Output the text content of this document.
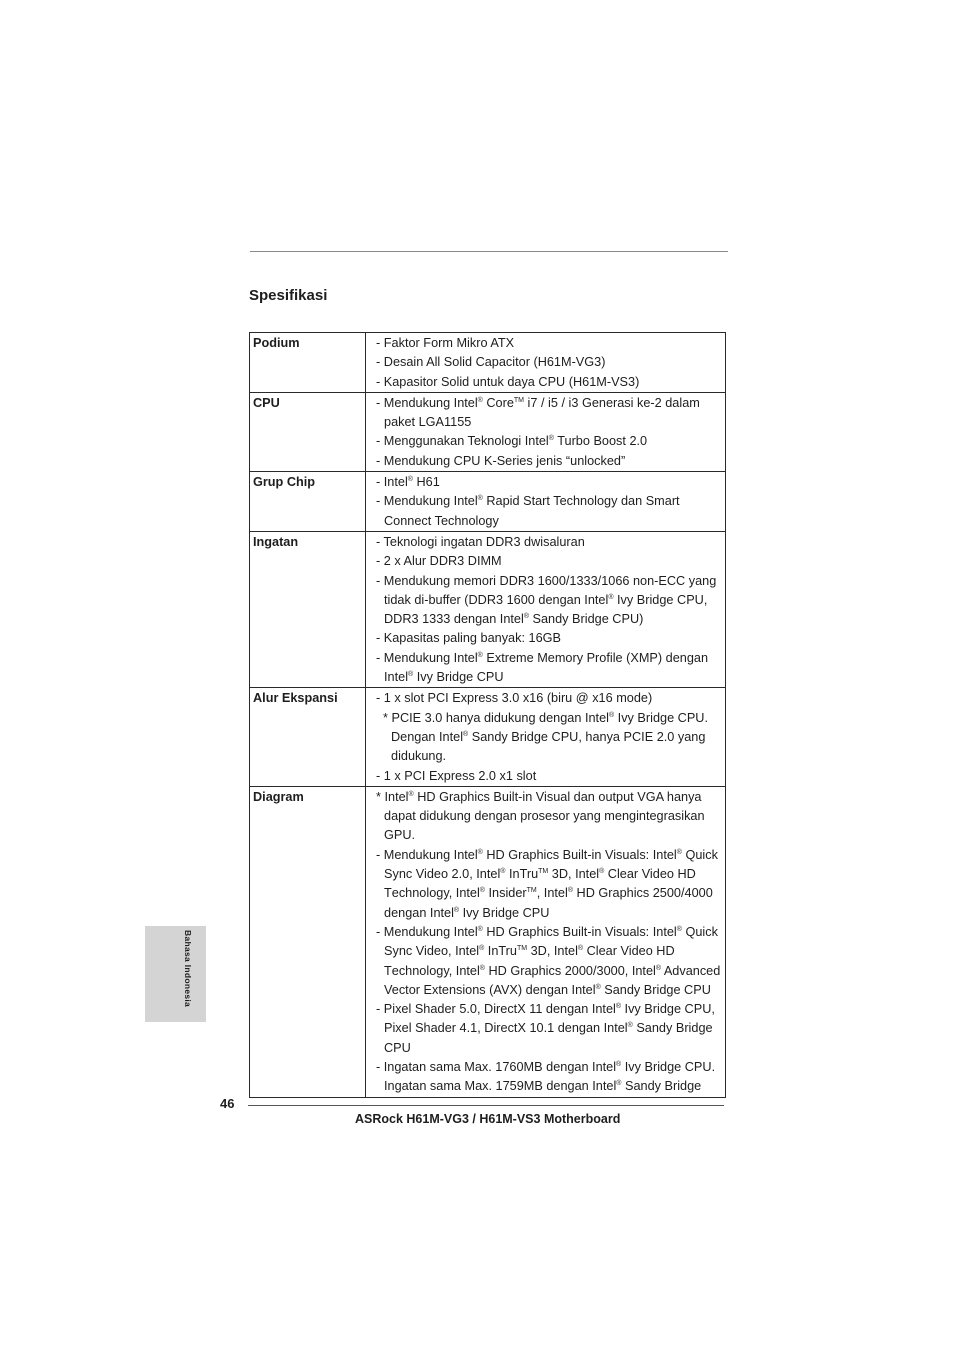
Spesifikasi
Podium	- Faktor Form Mikro ATX
- Desain All Solid Capacitor (H61M-VG3)
- Kapasitor Solid untuk daya CPU (H61M-VS3)

CPU	- Mendukung Intel® Core™ i7 / i5 / i3 Generasi ke-2 dalam paket LGA1155
- Menggunakan Teknologi Intel® Turbo Boost 2.0
- Mendukung CPU K-Series jenis “unlocked”

Grup Chip	- Intel® H61
- Mendukung Intel® Rapid Start Technology dan Smart Connect Technology

Ingatan	- Teknologi ingatan DDR3 dwisaluran
- 2 x Alur DDR3 DIMM
- Mendukung memori DDR3 1600/1333/1066 non-ECC yang tidak di-buffer (DDR3 1600 dengan Intel® Ivy Bridge CPU, DDR3 1333 dengan Intel® Sandy Bridge CPU)
- Kapasitas paling banyak: 16GB
- Mendukung Intel® Extreme Memory Profile (XMP) dengan Intel® Ivy Bridge CPU

Alur Ekspansi	- 1 x slot PCI Express 3.0 x16 (biru @ x16 mode)
* PCIE 3.0 hanya didukung dengan Intel® Ivy Bridge CPU. Dengan Intel® Sandy Bridge CPU, hanya PCIE 2.0 yang didukung.
- 1 x PCI Express 2.0 x1 slot

Diagram	* Intel® HD Graphics Built-in Visual dan output VGA hanya dapat didukung dengan prosesor yang mengintegrasikan GPU.
- Mendukung Intel® HD Graphics Built-in Visuals: Intel® Quick Sync Video 2.0, Intel® InTru™ 3D, Intel® Clear Video HD Technology, Intel® Insider™, Intel® HD Graphics 2500/4000 dengan Intel® Ivy Bridge CPU
- Mendukung Intel® HD Graphics Built-in Visuals: Intel® Quick Sync Video, Intel® InTru™ 3D, Intel® Clear Video HD Technology, Intel® HD Graphics 2000/3000, Intel® Advanced Vector Extensions (AVX) dengan Intel® Sandy Bridge CPU
- Pixel Shader 5.0, DirectX 11 dengan Intel® Ivy Bridge CPU, Pixel Shader 4.1, DirectX 10.1 dengan Intel® Sandy Bridge CPU
- Ingatan sama Max. 1760MB dengan Intel® Ivy Bridge CPU. Ingatan sama Max. 1759MB dengan Intel® Sandy Bridge
Bahasa Indonesia
46
ASRock H61M-VG3 / H61M-VS3 Motherboard
